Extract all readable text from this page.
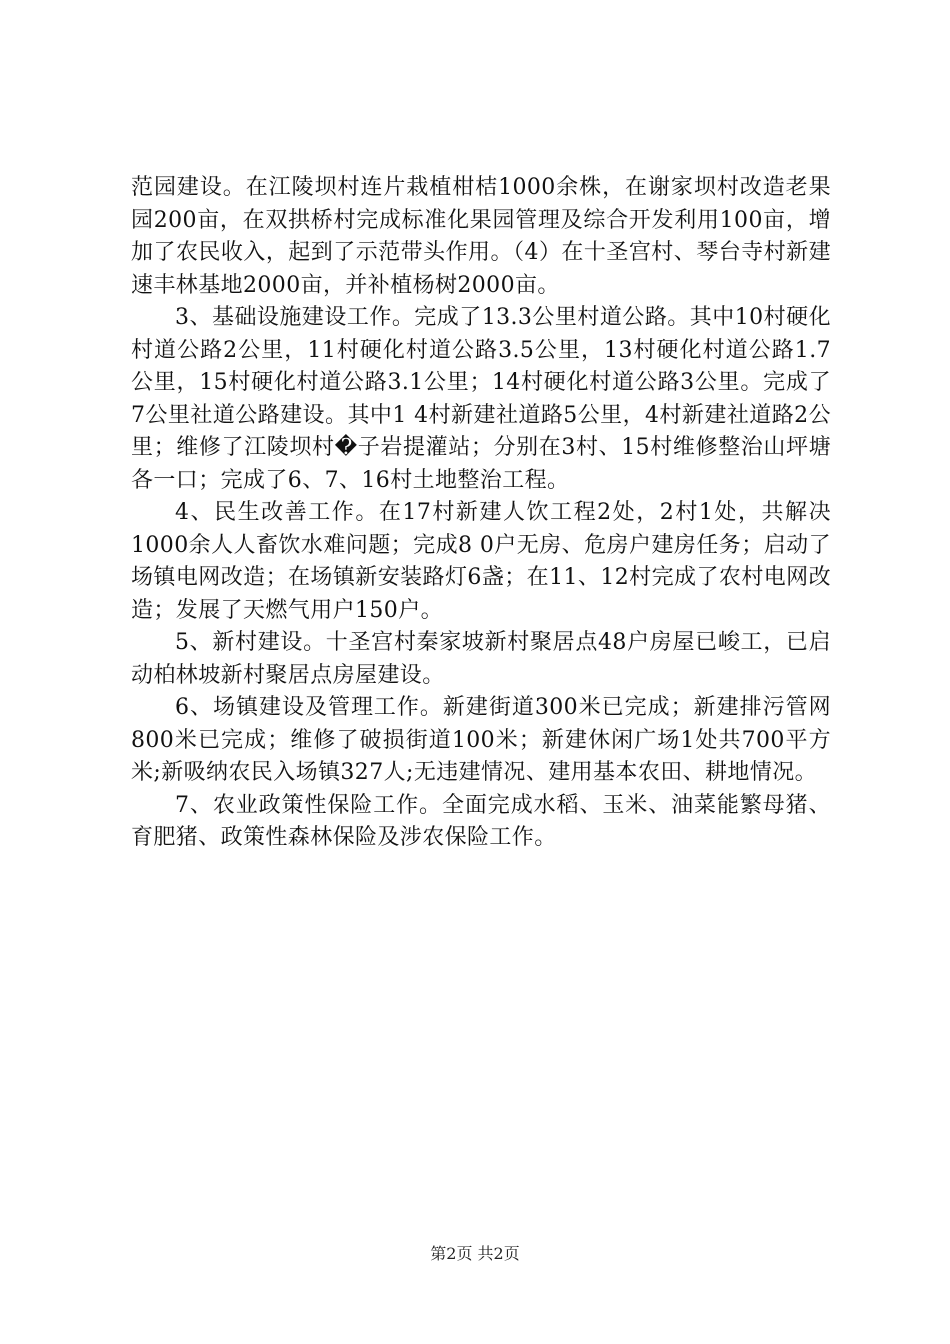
范园建设。在江陵坝村连片栽植柑桔1000余株，在谢家坝村改造老果园200亩，在双拱桥村完成标准化果园管理及综合开发利用100亩，增加了农民收入，起到了示范带头作用。（4）在十圣宫村、琴台寺村新建速丰林基地2000亩，并补植杨树2000亩。

3、基础设施建设工作。完成了13.3公里村道公路。其中10村硬化村道公路2公里，11村硬化村道公路3.5公里，13村硬化村道公路1.7公里，15村硬化村道公路3.1公里；14村硬化村道公路3公里。完成了7公里社道公路建设。其中1 4村新建社道路5公里，4村新建社道路2公里；维修了江陵坝村�子岩提灌站；分别在3村、15村维修整治山坪塘各一口；完成了6、7、16村土地整治工程。

4、民生改善工作。在17村新建人饮工程2处，2村1处，共解决1000余人人畜饮水难问题；完成8 0户无房、危房户建房任务；启动了场镇电网改造；在场镇新安装路灯6盏；在11、12村完成了农村电网改造；发展了天燃气用户150户。

5、新村建设。十圣宫村秦家坡新村聚居点48户房屋已峻工，已启动柏林坡新村聚居点房屋建设。

6、场镇建设及管理工作。新建街道300米已完成；新建排污管网800米已完成；维修了破损街道100米；新建休闲广场1处共700平方米;新吸纳农民入场镇327人;无违建情况、建用基本农田、耕地情况。

7、农业政策性保险工作。全面完成水稻、玉米、油菜能繁母猪、育肥猪、政策性森林保险及涉农保险工作。

第2页 共2页
